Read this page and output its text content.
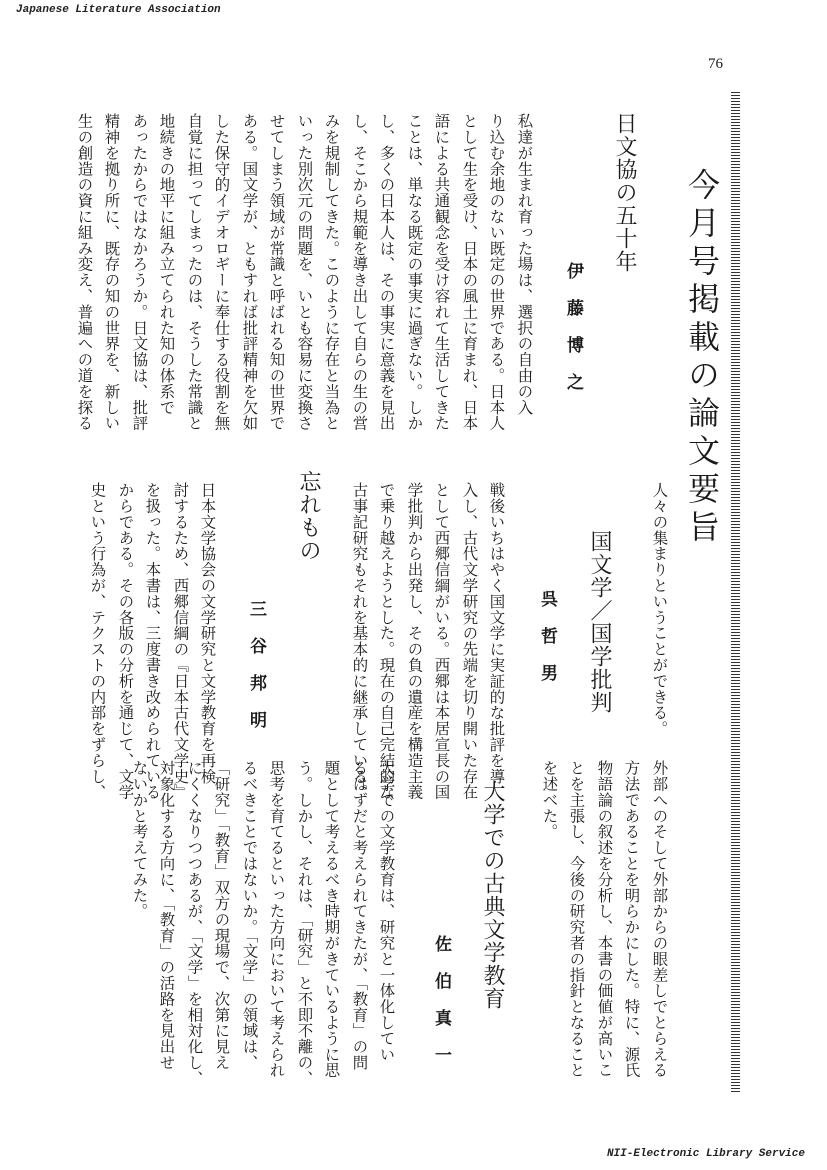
Japanese Literature Association
76
今月号掲載の論文要旨
日文協の五十年
伊藤博之
私達が生まれ育った場は、選択の自由の入
り込む余地のない既定の世界である。日本人
として生を受け、日本の風土に育まれ、日本
語による共通観念を受け容れて生活してきた
ことは、単なる既定の事実に過ぎない。しか
し、多くの日本人は、その事実に意義を見出
し、そこから規範を導き出して自らの生の営
みを規制してきた。このように存在と当為と
いった別次元の問題を、いとも容易に変換さ
せてしまう領域が常識と呼ばれる知の世界で
ある。国文学が、ともすれば批評精神を欠如
した保守的イデオロギーに奉仕する役割を無
自覚に担ってしまったのは、そうした常識と
地続きの地平に組み立てられた知の体系で
あったからではなかろうか。日文協は、批評
精神を拠り所に、既存の知の世界を、新しい
生の創造の資に組み変え、普遍への道を探る
人々の集まりということができる。
国文学／国学批判
呉哲男
戦後いちはやく国文学に実証的な批評を導
入し、古代文学研究の先端を切り開いた存在
として西郷信綱がいる。西郷は本居宣長の国
学批判から出発し、その負の遺産を構造主義
で乗り越えようとした。現在の自己完結的な
古事記研究もそれを基本的に継承している。
忘れもの
三谷邦明
日本文学協会の文学研究と文学教育を再検
討するため、西郷信綱の『日本古代文学史』
を扱った。本書は、三度書き改められている
からである。その各版の分析を通じて、文学
史という行為が、テクストの内部をずらし、
外部へのそして外部からの眼差しでとらえる
方法であることを明らかにした。特に、源氏
物語論の叙述を分析し、本書の価値が高いこ
とを主張し、今後の研究者の指針となること
を述べた。
大学での古典文学教育
佐伯真一
大学での文学教育は、研究と一体化してい
るはずだと考えられてきたが、「教育」の問
題として考えるべき時期がきているように思
う。しかし、それは、「研究」と不即不離の、
思考を育てるといった方向において考えられ
るべきことではないか。「文学」の領域は、
「研究」「教育」双方の現場で、次第に見え
にくくなりつつあるが、「文学」を相対化し、
対象化する方向に、「教育」の活路を見出せ
ないかと考えてみた。
NII-Electronic Library Service
